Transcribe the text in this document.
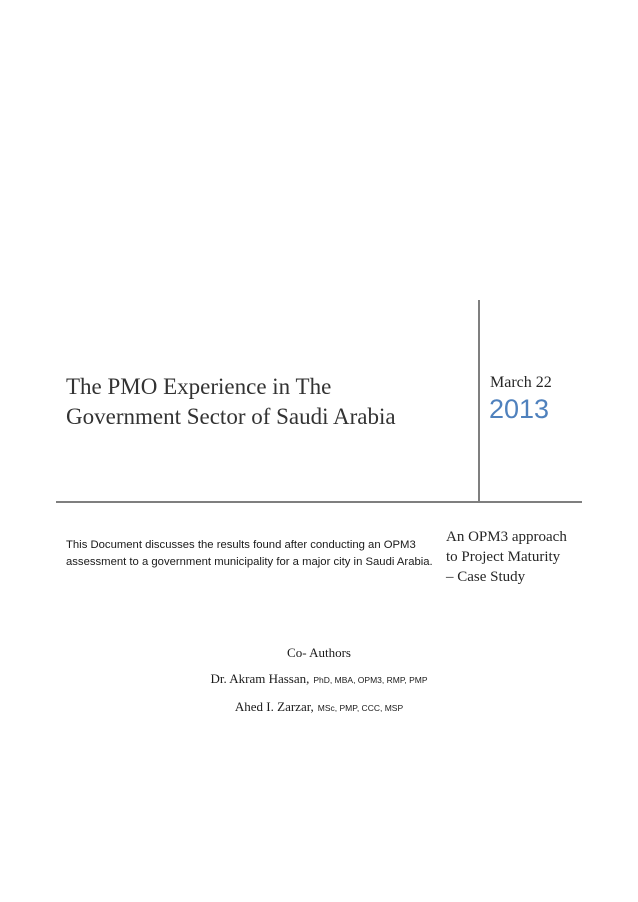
The PMO Experience in The
Government Sector of Saudi Arabia
March 22
2013
This Document discusses the results found after conducting an OPM3
assessment to a government municipality for a major city in Saudi Arabia.
An OPM3 approach
to Project Maturity
– Case Study
Co- Authors
Dr. Akram Hassan, PhD, MBA, OPM3, RMP, PMP
Ahed I. Zarzar, MSc, PMP, CCC, MSP
